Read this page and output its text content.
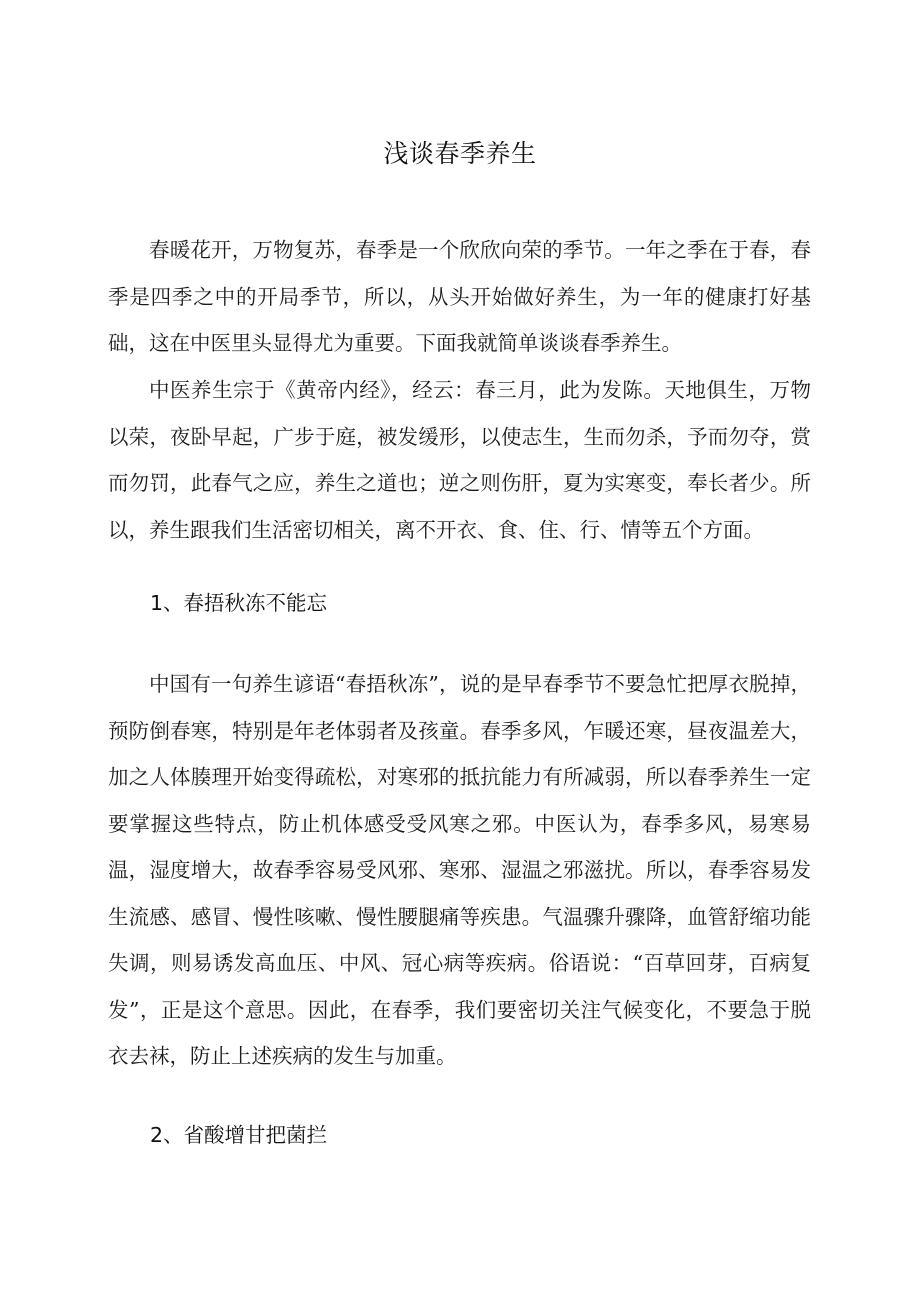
浅谈春季养生

春暖花开，万物复苏，春季是一个欣欣向荣的季节。一年之季在于春，春季是四季之中的开局季节，所以，从头开始做好养生，为一年的健康打好基础，这在中医里头显得尤为重要。下面我就简单谈谈春季养生。

中医养生宗于《黄帝内经》，经云：春三月，此为发陈。天地俱生，万物以荣，夜卧早起，广步于庭，被发缓形，以使志生，生而勿杀，予而勿夺，赏而勿罚，此春气之应，养生之道也；逆之则伤肝，夏为实寒变，奉长者少。所以，养生跟我们生活密切相关，离不开衣、食、住、行、情等五个方面。

1、春捂秋冻不能忘

中国有一句养生谚语“春捂秋冻”，说的是早春季节不要急忙把厚衣脱掉，预防倒春寒，特别是年老体弱者及孩童。春季多风，乍暖还寒，昼夜温差大，加之人体腠理开始变得疏松，对寒邪的抵抗能力有所减弱，所以春季养生一定要掌握这些特点，防止机体感受受风寒之邪。中医认为，春季多风，易寒易温，湿度增大，故春季容易受风邪、寒邪、湿温之邪滋扰。所以，春季容易发生流感、感冒、慢性咳嗽、慢性腰腿痛等疾患。气温骤升骤降，血管舒缩功能失调，则易诱发高血压、中风、冠心病等疾病。俗语说：“百草回芽，百病复发”，正是这个意思。因此，在春季，我们要密切关注气候变化，不要急于脱衣去袜，防止上述疾病的发生与加重。

2、省酸增甘把菌拦
